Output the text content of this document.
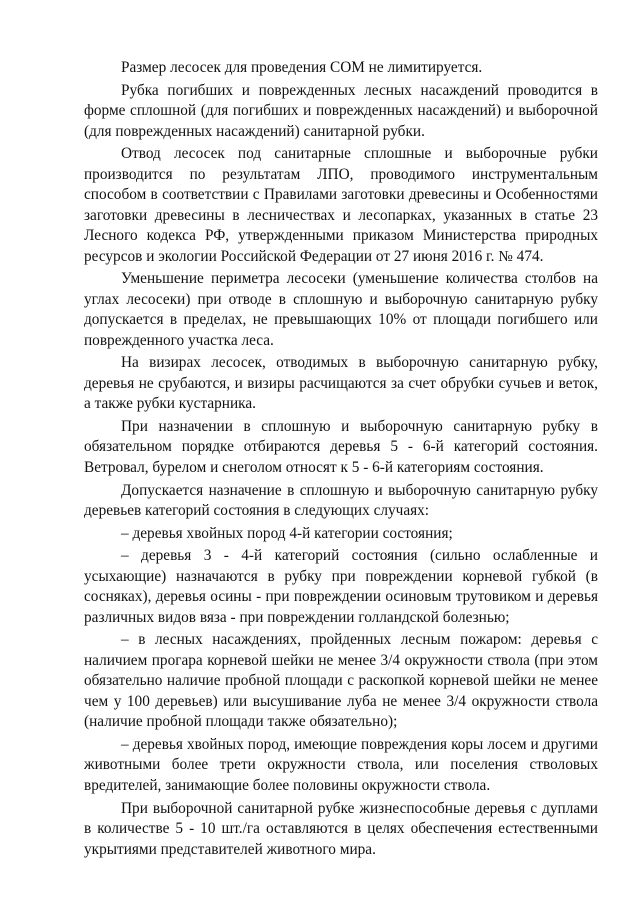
Размер лесосек для проведения СОМ не лимитируется.

Рубка погибших и поврежденных лесных насаждений проводится в форме сплошной (для погибших и поврежденных насаждений) и выборочной (для поврежденных насаждений) санитарной рубки.

Отвод лесосек под санитарные сплошные и выборочные рубки производится по результатам ЛПО, проводимого инструментальным способом в соответствии с Правилами заготовки древесины и Особенностями заготовки древесины в лесничествах и лесопарках, указанных в статье 23 Лесного кодекса РФ, утвержденными приказом Министерства природных ресурсов и экологии Российской Федерации от 27 июня 2016 г. № 474.

Уменьшение периметра лесосеки (уменьшение количества столбов на углах лесосеки) при отводе в сплошную и выборочную санитарную рубку допускается в пределах, не превышающих 10% от площади погибшего или поврежденного участка леса.

На визирах лесосек, отводимых в выборочную санитарную рубку, деревья не срубаются, и визиры расчищаются за счет обрубки сучьев и веток, а также рубки кустарника.

При назначении в сплошную и выборочную санитарную рубку в обязательном порядке отбираются деревья 5 - 6-й категорий состояния. Ветровал, бурелом и снеголом относят к 5 - 6-й категориям состояния.

Допускается назначение в сплошную и выборочную санитарную рубку деревьев категорий состояния в следующих случаях:

– деревья хвойных пород 4-й категории состояния;

– деревья 3 - 4-й категорий состояния (сильно ослабленные и усыхающие) назначаются в рубку при повреждении корневой губкой (в сосняках), деревья осины - при повреждении осиновым трутовиком и деревья различных видов вяза - при повреждении голландской болезнью;

– в лесных насаждениях, пройденных лесным пожаром: деревья с наличием прогара корневой шейки не менее 3/4 окружности ствола (при этом обязательно наличие пробной площади с раскопкой корневой шейки не менее чем у 100 деревьев) или высушивание луба не менее 3/4 окружности ствола (наличие пробной площади также обязательно);

– деревья хвойных пород, имеющие повреждения коры лосем и другими животными более трети окружности ствола, или поселения стволовых вредителей, занимающие более половины окружности ствола.

При выборочной санитарной рубке жизнеспособные деревья с дуплами в количестве 5 - 10 шт./га оставляются в целях обеспечения естественными укрытиями представителей животного мира.
